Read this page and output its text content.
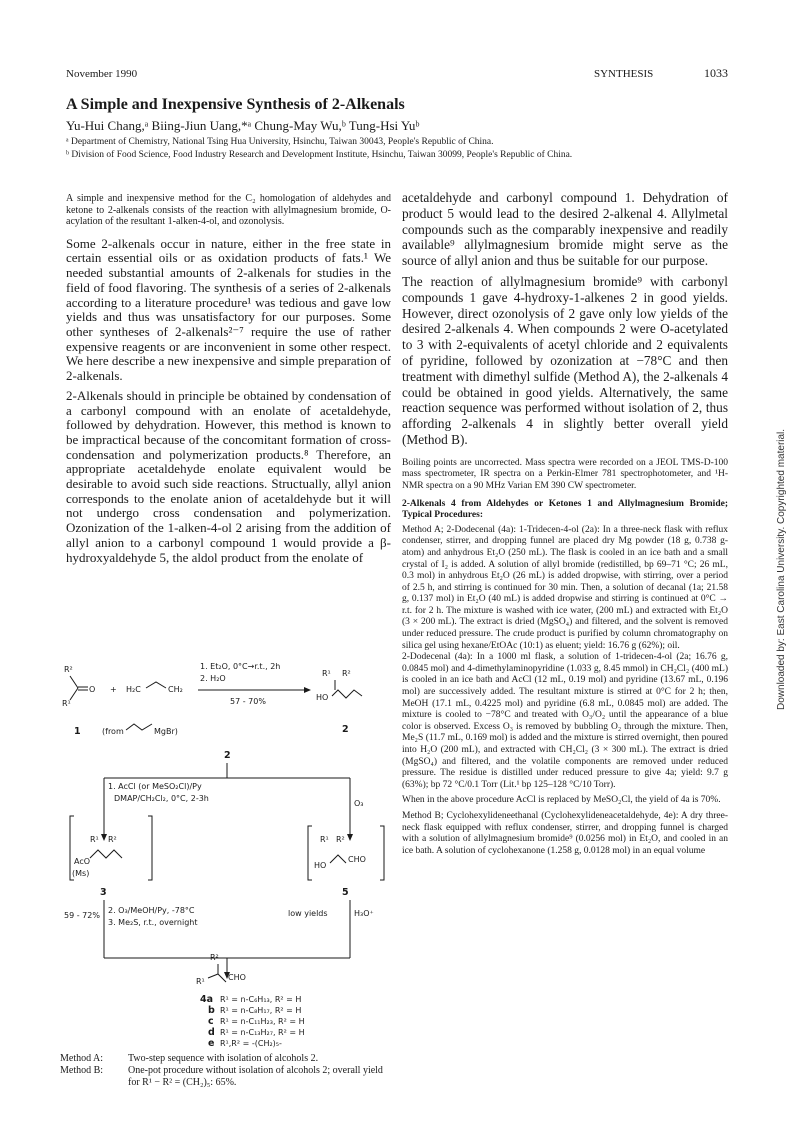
November 1990	SYNTHESIS	1033
A Simple and Inexpensive Synthesis of 2-Alkenals
Yu-Hui Chang,ᵃ Biing-Jiun Uang,*ᵃ Chung-May Wu,ᵇ Tung-Hsi Yuᵇ
ᵃ Department of Chemistry, National Tsing Hua University, Hsinchu, Taiwan 30043, People's Republic of China.
ᵇ Division of Food Science, Food Industry Research and Development Institute, Hsinchu, Taiwan 30099, People's Republic of China.

A simple and inexpensive method for the C₂ homologation of aldehydes and ketone to 2-alkenals consists of the reaction with allylmagnesium bromide, O-acylation of the resultant 1-alken-4-ol, and ozonolysis.

Some 2-alkenals occur in nature, either in the free state in certain essential oils or as oxidation products of fats.¹ We needed substantial amounts of 2-alkenals for studies in the field of food flavoring. The synthesis of a series of 2-alkenals according to a literature procedure¹ was tedious and gave low yields and thus was unsatisfactory for our purposes. Some other syntheses of 2-alkenals²⁻⁷ require the use of rather expensive reagents or are inconvenient in some other respect. We here describe a new inexpensive and simple preparation of 2-alkenals.

2-Alkenals should in principle be obtained by condensation of a carbonyl compound with an enolate of acetaldehyde, followed by dehydration. However, this method is known to be impractical because of the concomitant formation of cross-condensation and polymerization products.⁸ Therefore, an appropriate acetaldehyde enolate equivalent would be desirable to avoid such side reactions. Structually, allyl anion corresponds to the enolate anion of acetaldehyde but it will not undergo cross condensation and polymerization. Ozonization of the 1-alken-4-ol 2 arising from the addition of allyl anion to a carbonyl compound 1 would provide a β-hydroxyaldehyde 5, the aldol product from the enolate of

R²
O
R¹
+ H₂C	CH₂
1	(from	MgBr)
1. Et₂O, 0°C→r.t., 2h
2. H₂O
57 - 70%
R¹ R²
HO
2
2
1. AcCl (or MeSO₂Cl)/Py
DMAP/CH₂Cl₂, 0°C, 2-3h
O₃
R¹ R²
AcO
(Ms)
3
R¹ R²
HO
CHO
5
59 - 72%
2. O₃/MeOH/Py, -78°C
3. Me₂S, r.t., overnight
low yields	H₃O⁺
R²
R¹	CHO
4a R¹ = n-C₆H₁₃, R² = H
b R¹ = n-C₈H₁₇, R² = H
c R¹ = n-C₁₁H₂₃, R² = H
d R¹ = n-C₁₃H₂₇, R² = H
e R¹,R² = -(CH₂)₅-
Method A:	Two-step sequence with isolation of alcohols 2.
Method B:	One-pot procedure without isolation of alcohols 2; overall yield for R¹ − R² = (CH₂)₅: 65%.

acetaldehyde and carbonyl compound 1. Dehydration of product 5 would lead to the desired 2-alkenal 4. Allylmetal compounds such as the comparably inexpensive and readily available⁹ allylmagnesium bromide might serve as the source of allyl anion and thus be suitable for our purpose.

The reaction of allylmagnesium bromide⁹ with carbonyl compounds 1 gave 4-hydroxy-1-alkenes 2 in good yields. However, direct ozonolysis of 2 gave only low yields of the desired 2-alkenals 4. When compounds 2 were O-acetylated to 3 with 2-equivalents of acetyl chloride and 2 equivalents of pyridine, followed by ozonization at −78°C and then treatment with dimethyl sulfide (Method A), the 2-alkenals 4 could be obtained in good yields. Alternatively, the same reaction sequence was performed without isolation of 2, thus affording 2-alkenals 4 in slightly better overall yield (Method B).

Boiling points are uncorrected. Mass spectra were recorded on a JEOL TMS-D-100 mass spectrometer, IR spectra on a Perkin-Elmer 781 spectrophotometer, and ¹H-NMR spectra on a 90 MHz Varian EM 390 CW spectrometer.

2-Alkenals 4 from Aldehydes or Ketones 1 and Allylmagnesium Bromide; Typical Procedures:

Method A; 2-Dodecenal (4a): 1-Tridecen-4-ol (2a): In a three-neck flask with reflux condenser, stirrer, and dropping funnel are placed dry Mg powder (18 g, 0.738 g-atom) and anhydrous Et₂O (250 mL). The flask is cooled in an ice bath and a small crystal of I₂ is added. A solution of allyl bromide (redistilled, bp 69–71 °C; 26 mL, 0.3 mol) in anhydrous Et₂O (26 mL) is added dropwise, with stirring, over a period of 2.5 h, and stirring is continued for 30 min. Then, a solution of decanal (1a; 21.58 g, 0.137 mol) in Et₂O (40 mL) is added dropwise and stirring is continued at 0°C → r.t. for 2 h. The mixture is washed with ice water, (200 mL) and extracted with Et₂O (3 × 200 mL). The extract is dried (MgSO₄) and filtered, and the solvent is removed under reduced pressure. The crude product is purified by column chromatography on silica gel using hexane/EtOAc (10:1) as eluent; yield: 16.76 g (62%); oil.

2-Dodecenal (4a): In a 1000 ml flask, a solution of 1-tridecen-4-ol (2a; 16.76 g, 0.0845 mol) and 4-dimethylaminopyridine (1.033 g, 8.45 mmol) in CH₂Cl₂ (400 mL) is cooled in an ice bath and AcCl (12 mL, 0.19 mol) and pyridine (13.67 mL, 0.196 mol) are successively added. The resultant mixture is stirred at 0°C for 2 h; then, MeOH (17.1 mL, 0.4225 mol) and pyridine (6.8 mL, 0.0845 mol) are added. The mixture is cooled to −78°C and treated with O₃/O₂ until the appearance of a blue color is observed. Excess O₃ is removed by bubbling O₂ through the mixture. Then, Me₂S (11.7 mL, 0.169 mol) is added and the mixture is stirred overnight, then poured into H₂O (200 mL), and extracted with CH₂Cl₂ (3 × 300 mL). The extract is dried (MgSO₄) and filtered, and the volatile components are removed under reduced pressure. The residue is distilled under reduced pressure to give 4a; yield: 9.7 g (63%); bp 72 °C/0.1 Torr (Lit.¹ bp 125–128 °C/10 Torr).

When in the above procedure AcCl is replaced by MeSO₂Cl, the yield of 4a is 70%.

Method B; Cyclohexylideneethanal (Cyclohexylideneacetaldehyde, 4e): A dry three-neck flask equipped with reflux condenser, stirrer, and dropping funnel is charged with a solution of allylmagnesium bromide⁹ (0.0256 mol) in Et₂O, and cooled in an ice bath. A solution of cyclohexanone (1.258 g, 0.0128 mol) in an equal volume

Downloaded by: East Carolina University. Copyrighted material.
